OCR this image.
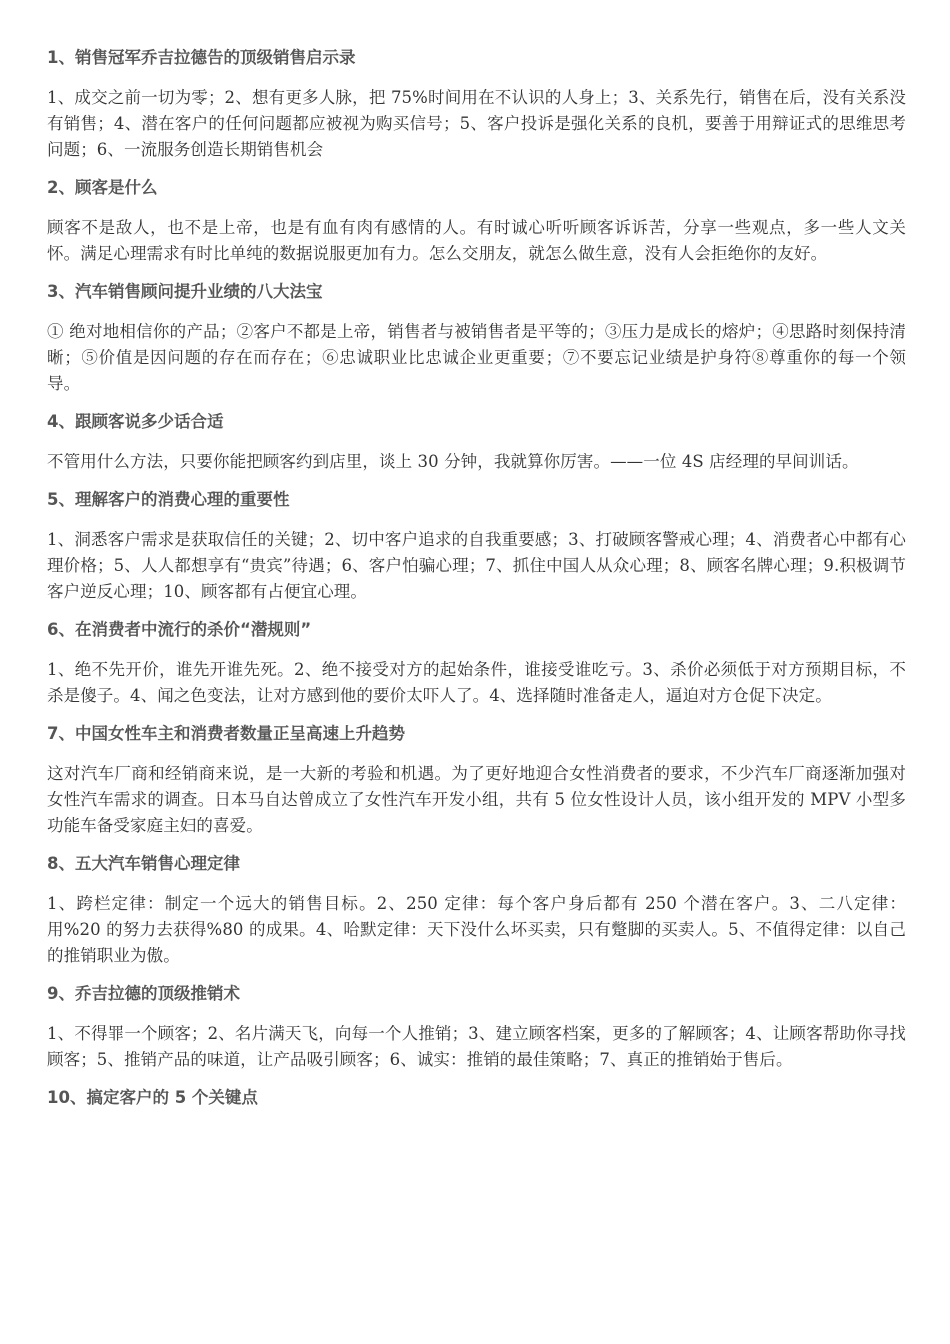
1、销售冠军乔吉拉德告的顶级销售启示录
1、成交之前一切为零；2、想有更多人脉，把 75%时间用在不认识的人身上；3、关系先行，销售在后，没有关系没有销售；4、潜在客户的任何问题都应被视为购买信号；5、客户投诉是强化关系的良机，要善于用辩证式的思维思考问题；6、一流服务创造长期销售机会
2、顾客是什么
顾客不是敌人，也不是上帝，也是有血有肉有感情的人。有时诚心听听顾客诉诉苦，分享一些观点，多一些人文关怀。满足心理需求有时比单纯的数据说服更加有力。怎么交朋友，就怎么做生意，没有人会拒绝你的友好。
3、汽车销售顾问提升业绩的八大法宝
① 绝对地相信你的产品；②客户不都是上帝，销售者与被销售者是平等的；③压力是成长的熔炉；④思路时刻保持清晰；⑤价值是因问题的存在而存在；⑥忠诚职业比忠诚企业更重要；⑦不要忘记业绩是护身符⑧尊重你的每一个领导。
4、跟顾客说多少话合适
不管用什么方法，只要你能把顾客约到店里，谈上 30 分钟，我就算你厉害。——一位 4S 店经理的早间训话。
5、理解客户的消费心理的重要性
1、洞悉客户需求是获取信任的关键；2、切中客户追求的自我重要感；3、打破顾客警戒心理；4、消费者心中都有心理价格；5、人人都想享有“贵宾”待遇；6、客户怕骗心理；7、抓住中国人从众心理；8、顾客名牌心理；9.积极调节客户逆反心理；10、顾客都有占便宜心理。
6、在消费者中流行的杀价“潜规则”
1、绝不先开价，谁先开谁先死。2、绝不接受对方的起始条件，谁接受谁吃亏。3、杀价必须低于对方预期目标，不杀是傻子。4、闻之色变法，让对方感到他的要价太吓人了。4、选择随时准备走人，逼迫对方仓促下决定。
7、中国女性车主和消费者数量正呈高速上升趋势
这对汽车厂商和经销商来说，是一大新的考验和机遇。为了更好地迎合女性消费者的要求，不少汽车厂商逐渐加强对女性汽车需求的调查。日本马自达曾成立了女性汽车开发小组，共有 5 位女性设计人员，该小组开发的 MPV 小型多功能车备受家庭主妇的喜爱。
8、五大汽车销售心理定律
1、跨栏定律：制定一个远大的销售目标。2、250 定律：每个客户身后都有 250 个潜在客户。3、二八定律：用%20 的努力去获得%80 的成果。4、哈默定律：天下没什么坏买卖，只有蹩脚的买卖人。5、不值得定律：以自己的推销职业为傲。
9、乔吉拉德的顶级推销术
1、不得罪一个顾客；2、名片满天飞，向每一个人推销；3、建立顾客档案，更多的了解顾客；4、让顾客帮助你寻找顾客；5、推销产品的味道，让产品吸引顾客；6、诚实：推销的最佳策略；7、真正的推销始于售后。
10、搞定客户的 5 个关键点
